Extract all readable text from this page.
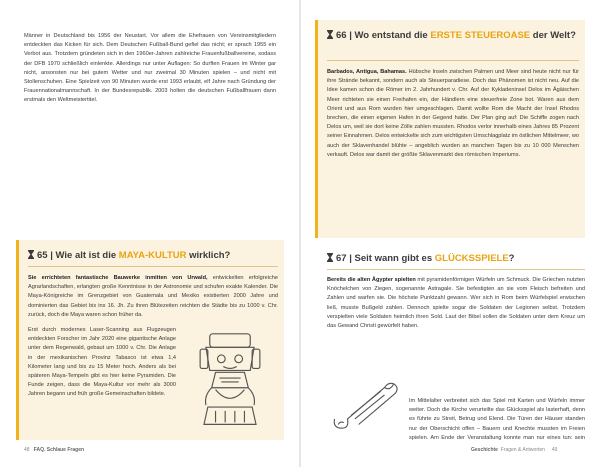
Männer in Deutschland bis 1956 der Neustart. Vor allem die Ehefrauen von Vereinsmitgliedern entdeckten das Kicken für sich. Dem Deutschen Fußball-Bund gefiel das nicht; er sprach 1955 ein Verbot aus. Trotzdem gründeten sich in den 1960er-Jahren zahlreiche Frauenfußballvereine, sodass der DFB 1970 schließlich einlenkte. Allerdings nur unter Auflagen: So durften Frauen im Winter gar nicht, ansonsten nur bei gutem Wetter und nur zweimal 30 Minuten spielen – und nicht mit Stollenschuhen. Eine Spielzeit von 90 Minuten wurde erst 1993 erlaubt, elf Jahre nach Gründung der Frauennationalmannschaft. In der Bundesrepublik. 2003 holten die deutschen Fußballfrauen dann erstmals den Weltmeistertitel.

65 | Wie alt ist die MAYA-KULTUR wirklich?

Sie errichteten fantastische Bauwerke inmitten von Urwald, entwickelten erfolgreiche Agrarlandschaften, erlangten große Kenntnisse in der Astronomie und schufen exakte Kalender. Die Maya-Königreiche im Grenzgebiet von Guatemala und Mexiko existierten 2000 Jahre und dominierten das Gebiet bis ins 16. Jh. Zu ihren Blütezeiten reichten die Städte bis zu 1000 v. Chr. zurück, doch die Maya waren schon früher da.

Erst durch modernes Laser-Scanning aus Flugzeugen entdeckten Forscher im Jahr 2020 eine gigantische Anlage unter dem Regenwald, gebaut um 1000 v. Chr. Die Anlage in der mexikanischen Provinz Tabasco ist etwa 1,4 Kilometer lang und bis zu 15 Meter hoch. Anders als bei späteren Maya-Tempeln gibt es hier keine Pyramiden. Die Funde zeigen, dass die Maya-Kultur vor mehr als 3000 Jahren begann und früh große Gemeinschaften bildete.

48 FAQ. Schlaue Fragen
66 | Wo entstand die ERSTE STEUEROASE der Welt?

Barbados, Antigua, Bahamas. Hübsche Inseln zwischen Palmen und Meer sind heute nicht nur für ihre Strände bekannt, sondern auch als Steuerparadiese. Doch das Phänomen ist nicht neu. Auf die Idee kamen schon die Römer im 2. Jahrhundert v. Chr. Auf der Kykladeninsel Delos im Ägäischen Meer richteten sie einen Freihafen ein, der Händlern eine steuerfreie Zone bot. Waren aus dem Orient und aus Rom wurden hier umgeschlagen. Damit wollte Rom die Macht der Insel Rhodos brechen, die einen eigenen Hafen in der Gegend hatte. Der Plan ging auf: Die Schiffe zogen nach Delos um, weil sie dort keine Zölle zahlen mussten. Rhodos verlor innerhalb eines Jahres 85 Prozent seiner Einnahmen. Delos entwickelte sich zum wichtigsten Umschlagplatz im östlichen Mittelmeer, wo auch der Sklavenhandel blühte – angeblich wurden an manchen Tagen bis zu 10 000 Menschen verkauft. Delos war damit der größte Sklavenmarkt des römischen Imperiums.

67 | Seit wann gibt es GLÜCKSSPIELE?

Bereits die alten Ägypter spielten mit pyramidenförmigen Würfeln um Schmuck. Die Griechen nutzten Knöchelchen von Ziegen, sogenannte Astragale. Sie befestigten an sie vom Fleisch befreiten und Zahlen und warfen sie. Die höchste Punktzahl gewann. Wer sich in Rom beim Würfelspiel erwischen ließ, musste Bußgeld zahlen. Dennoch spielte sogar die Soldaten der Legionen selbst. Trotzdem verspielten viele Soldaten heimlich ihren Sold. Laut der Bibel sollen die Soldaten unter dem Kreuz um das Gewand Christi gewürfelt haben.

Im Mittelalter verbreitet sich das Spiel mit Karten und Würfeln immer weiter. Doch die Kirche verurteilte das Glücksspiel als lasterhaft, denn es führte zu Streit, Betrug und Elend. Die Türen der Häuser standen nur der Oberschicht offen – Bauern und Knechte mussten im Freien spielen. Am Ende der Veranstaltung konnte man nur eines tun: sein

Geschichte Fragen & Antworten 49
